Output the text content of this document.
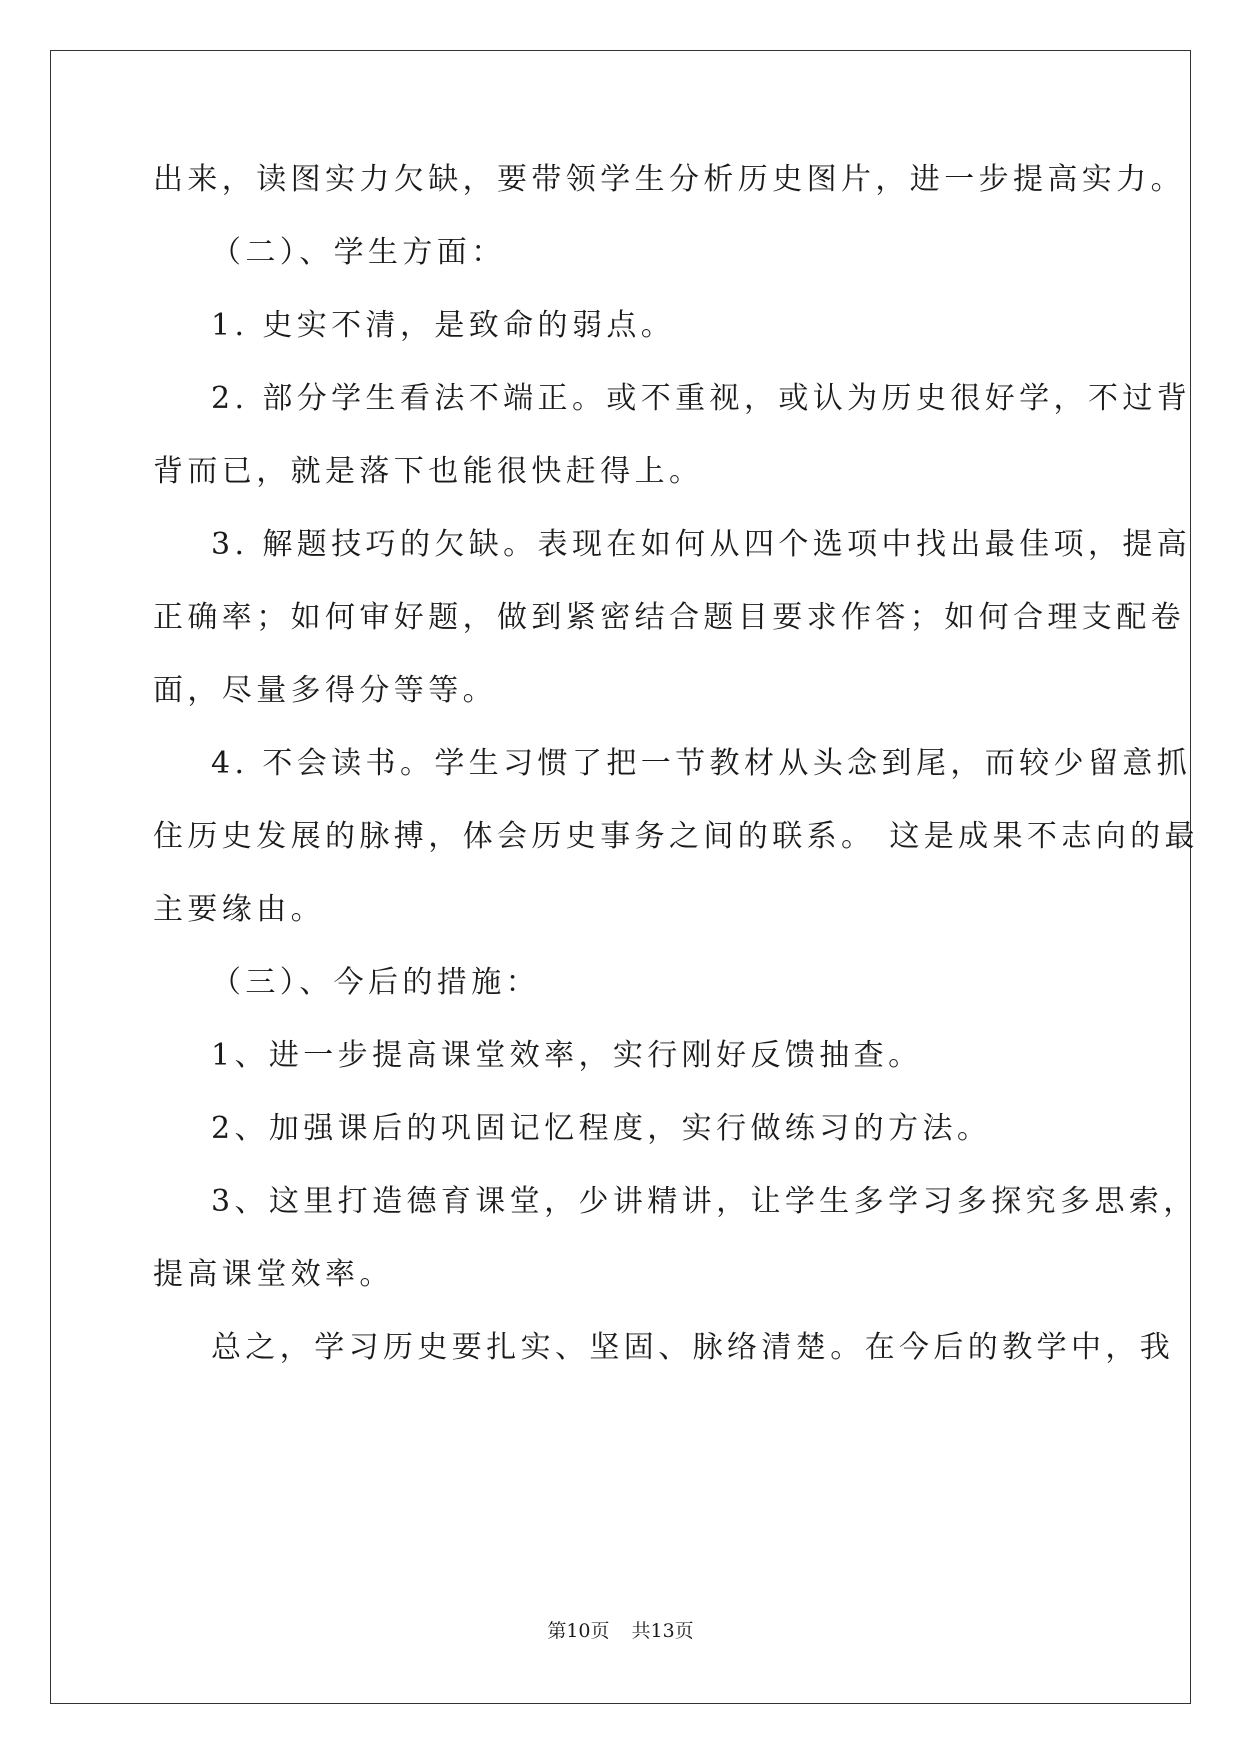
出来，读图实力欠缺，要带领学生分析历史图片，进一步提高实力。
（二）、学生方面：
1. 史实不清，是致命的弱点。
2. 部分学生看法不端正。或不重视，或认为历史很好学，不过背
背而已，就是落下也能很快赶得上。
3. 解题技巧的欠缺。表现在如何从四个选项中找出最佳项，提高
正确率；如何审好题，做到紧密结合题目要求作答；如何合理支配卷
面，尽量多得分等等。
4. 不会读书。学生习惯了把一节教材从头念到尾，而较少留意抓
住历史发展的脉搏，体会历史事务之间的联系。 这是成果不志向的最
主要缘由。
（三）、今后的措施：
1、进一步提高课堂效率，实行刚好反馈抽查。
2、加强课后的巩固记忆程度，实行做练习的方法。
3、这里打造德育课堂，少讲精讲，让学生多学习多探究多思索，
提高课堂效率。
总之，学习历史要扎实、坚固、脉络清楚。在今后的教学中，我
第10页 共13页
